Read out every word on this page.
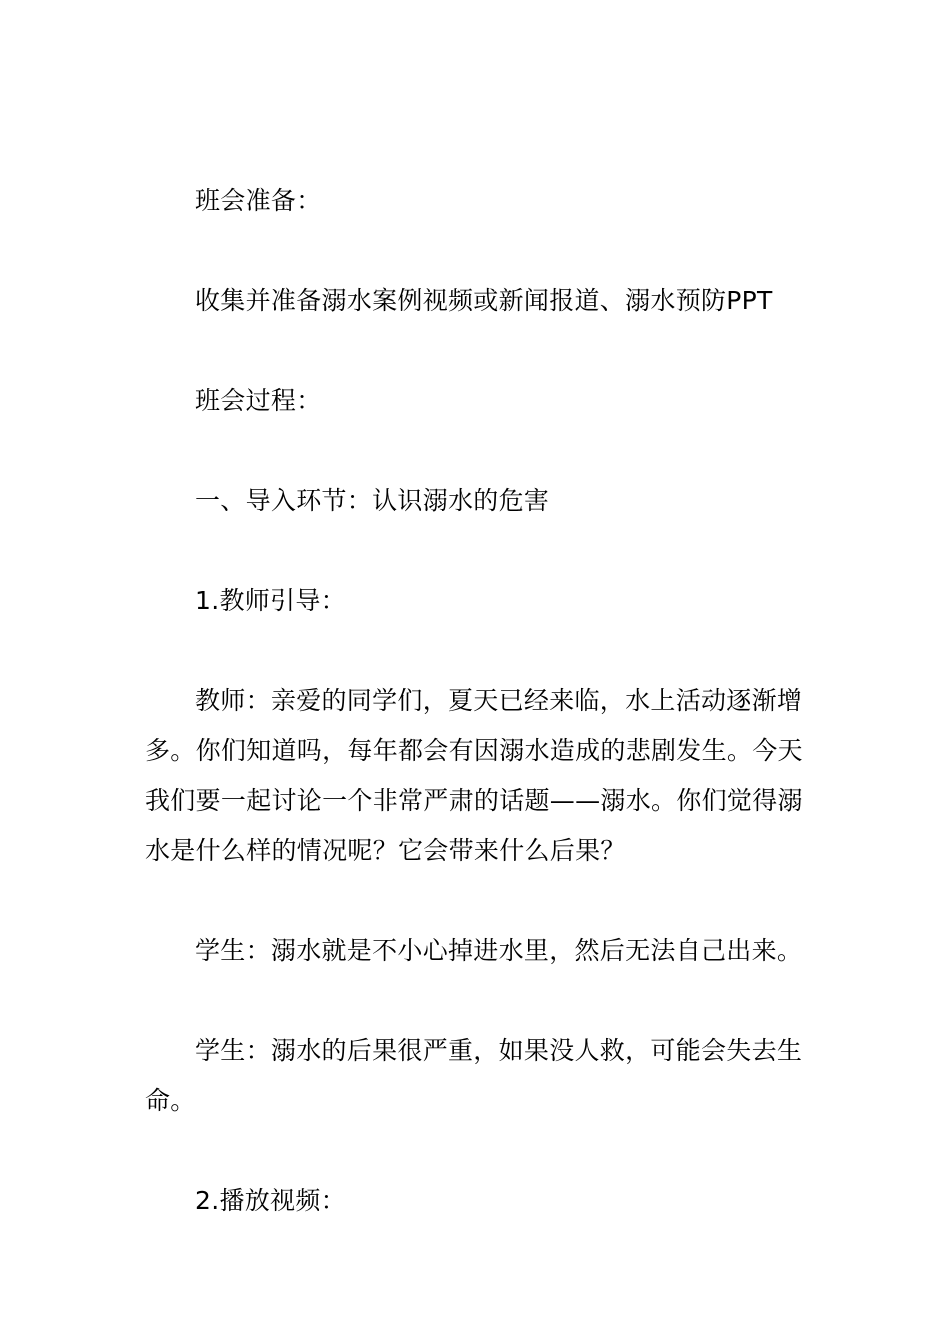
班会准备：

收集并准备溺水案例视频或新闻报道、溺水预防PPT

班会过程：

一、导入环节：认识溺水的危害

1.教师引导：

教师：亲爱的同学们，夏天已经来临，水上活动逐渐增多。你们知道吗，每年都会有因溺水造成的悲剧发生。今天我们要一起讨论一个非常严肃的话题——溺水。你们觉得溺水是什么样的情况呢？它会带来什么后果？

学生：溺水就是不小心掉进水里，然后无法自己出来。

学生：溺水的后果很严重，如果没人救，可能会失去生命。

2.播放视频：
